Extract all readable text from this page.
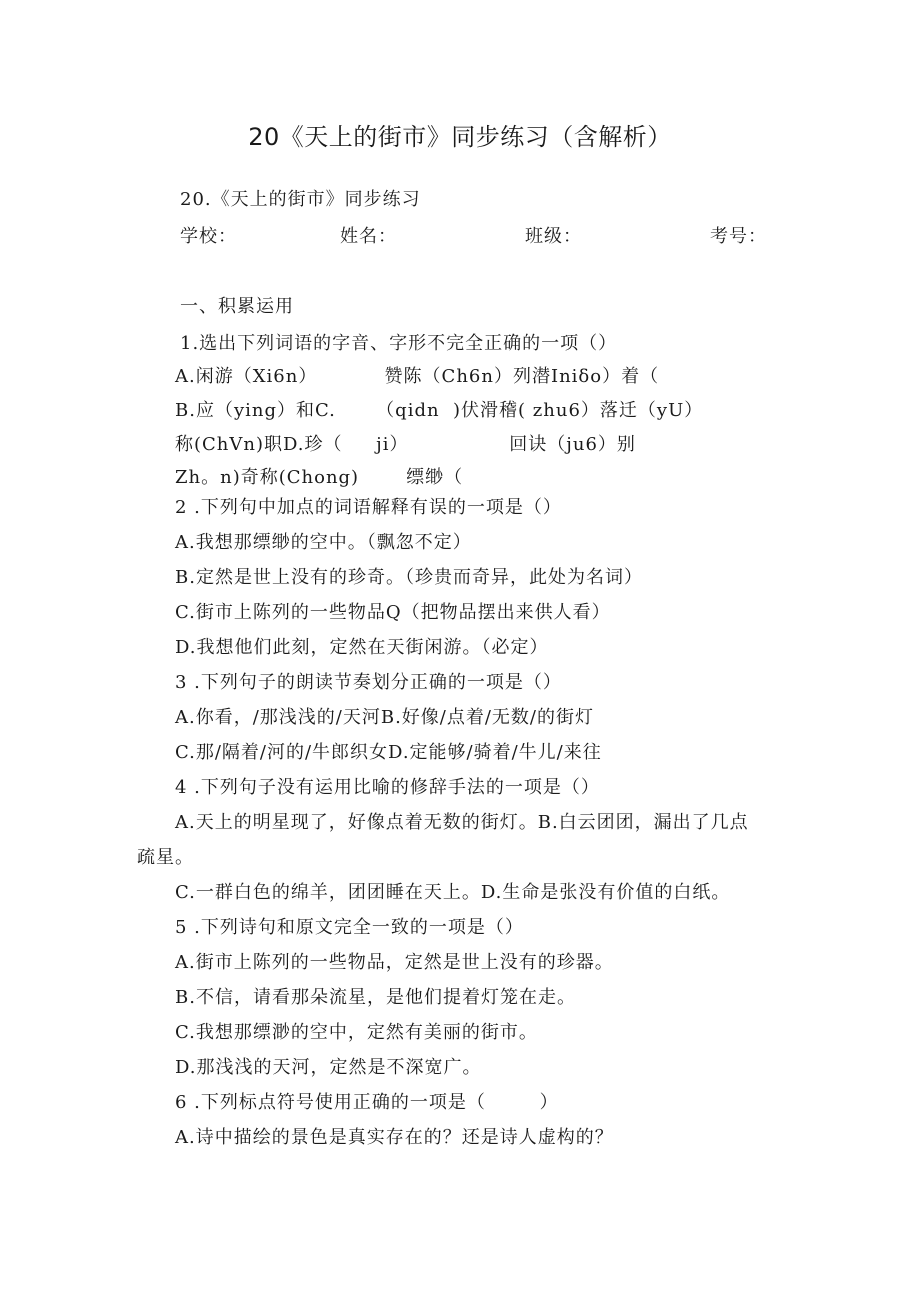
20《天上的街市》同步练习（含解析）
20.《天上的街市》同步练习
学校：	姓名：	班级：	考号：
一、积累运用
1.选出下列词语的字音、字形不完全正确的一项（）
A.闲游（Xi6n）          赞陈（Ch6n）列潜Iniδo）着（
B.应（ying）和C.      （qidn  )伏滑稽( zhu6）落迁（yU）
称(ChVn)职D.珍（     ji）               回诀（ju6）别
Zh。n)奇称(Chong)       缥缈（
2 .下列句中加点的词语解释有误的一项是（）
A.我想那缥缈的空中。（飘忽不定）
B.定然是世上没有的珍奇。（珍贵而奇异，此处为名词）
C.街市上陈列的一些物品Q（把物品摆出来供人看）
D.我想他们此刻，定然在天街闲游。（必定）
3 .下列句子的朗读节奏划分正确的一项是（）
A.你看，/那浅浅的/天河B.好像/点着/无数/的街灯
C.那/隔着/河的/牛郎织女D.定能够/骑着/牛儿/来往
4 .下列句子没有运用比喻的修辞手法的一项是（）
A.天上的明星现了，好像点着无数的街灯。B.白云团团，漏出了几点
疏星。
C.一群白色的绵羊，团团睡在天上。D.生命是张没有价值的白纸。
5 .下列诗句和原文完全一致的一项是（）
A.街市上陈列的一些物品，定然是世上没有的珍器。
B.不信，请看那朵流星，是他们提着灯笼在走。
C.我想那缥渺的空中，定然有美丽的街市。
D.那浅浅的天河，定然是不深宽广。
6 .下列标点符号使用正确的一项是（        ）
A.诗中描绘的景色是真实存在的？还是诗人虚构的？
